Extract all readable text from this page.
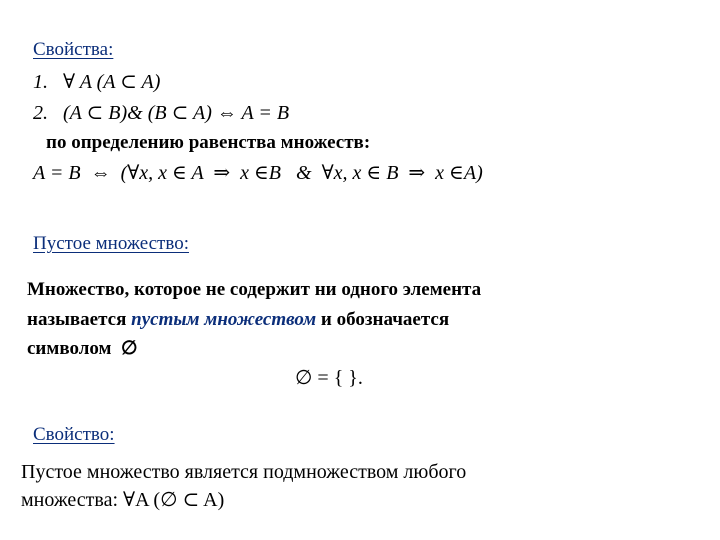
Свойства:
1.   ∀ A (A ⊂ A)
2.   (A ⊂ B)& (B ⊂ A) ⇔ A = B
по определению равенства множеств:
A = B  ⇔  (∀x, x ∈ A  ⇒  x ∈B   &  ∀x, x ∈ B  ⇒  x ∈A)
Пустое множество:
Множество, которое не содержит ни одного элемента
называется пустым множеством и обозначается
символом  ∅
∅ = { }.
Свойство:
Пустое множество является подмножеством любого
множества: ∀A (∅ ⊂ A)
